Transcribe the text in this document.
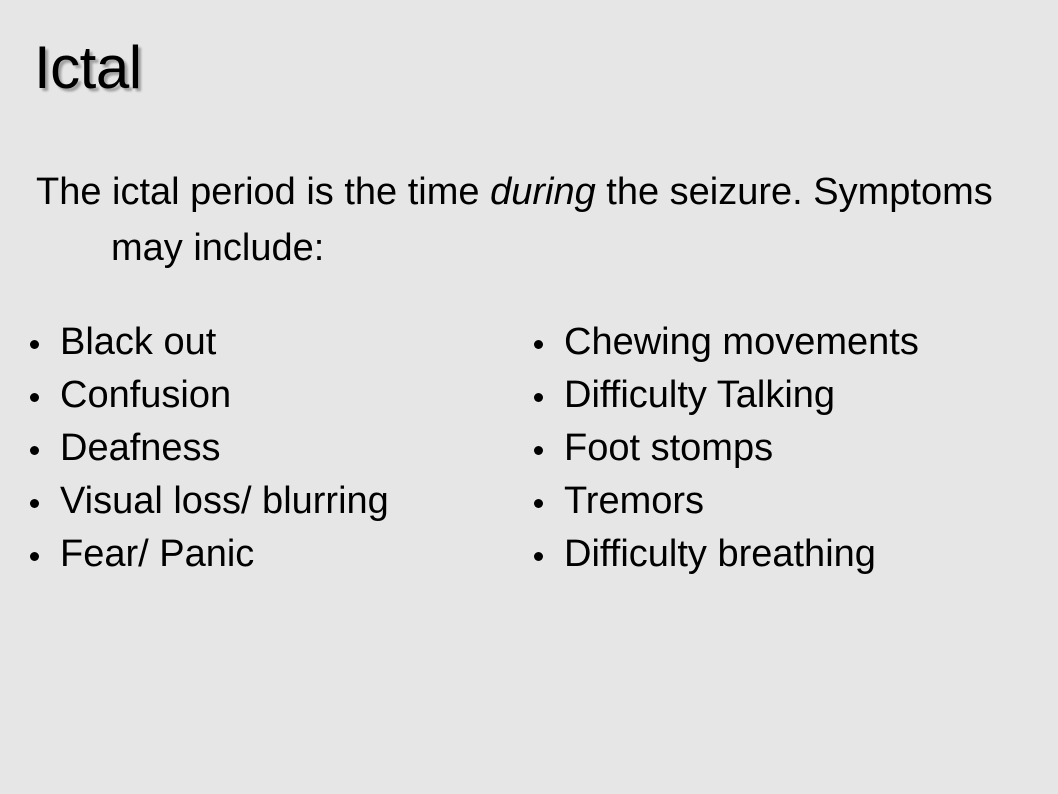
Ictal

The ictal period is the time during the seizure. Symptoms may include:

Black out
Confusion
Deafness
Visual loss/ blurring
Fear/ Panic
Chewing movements
Difficulty Talking
Foot stomps
Tremors
Difficulty breathing
